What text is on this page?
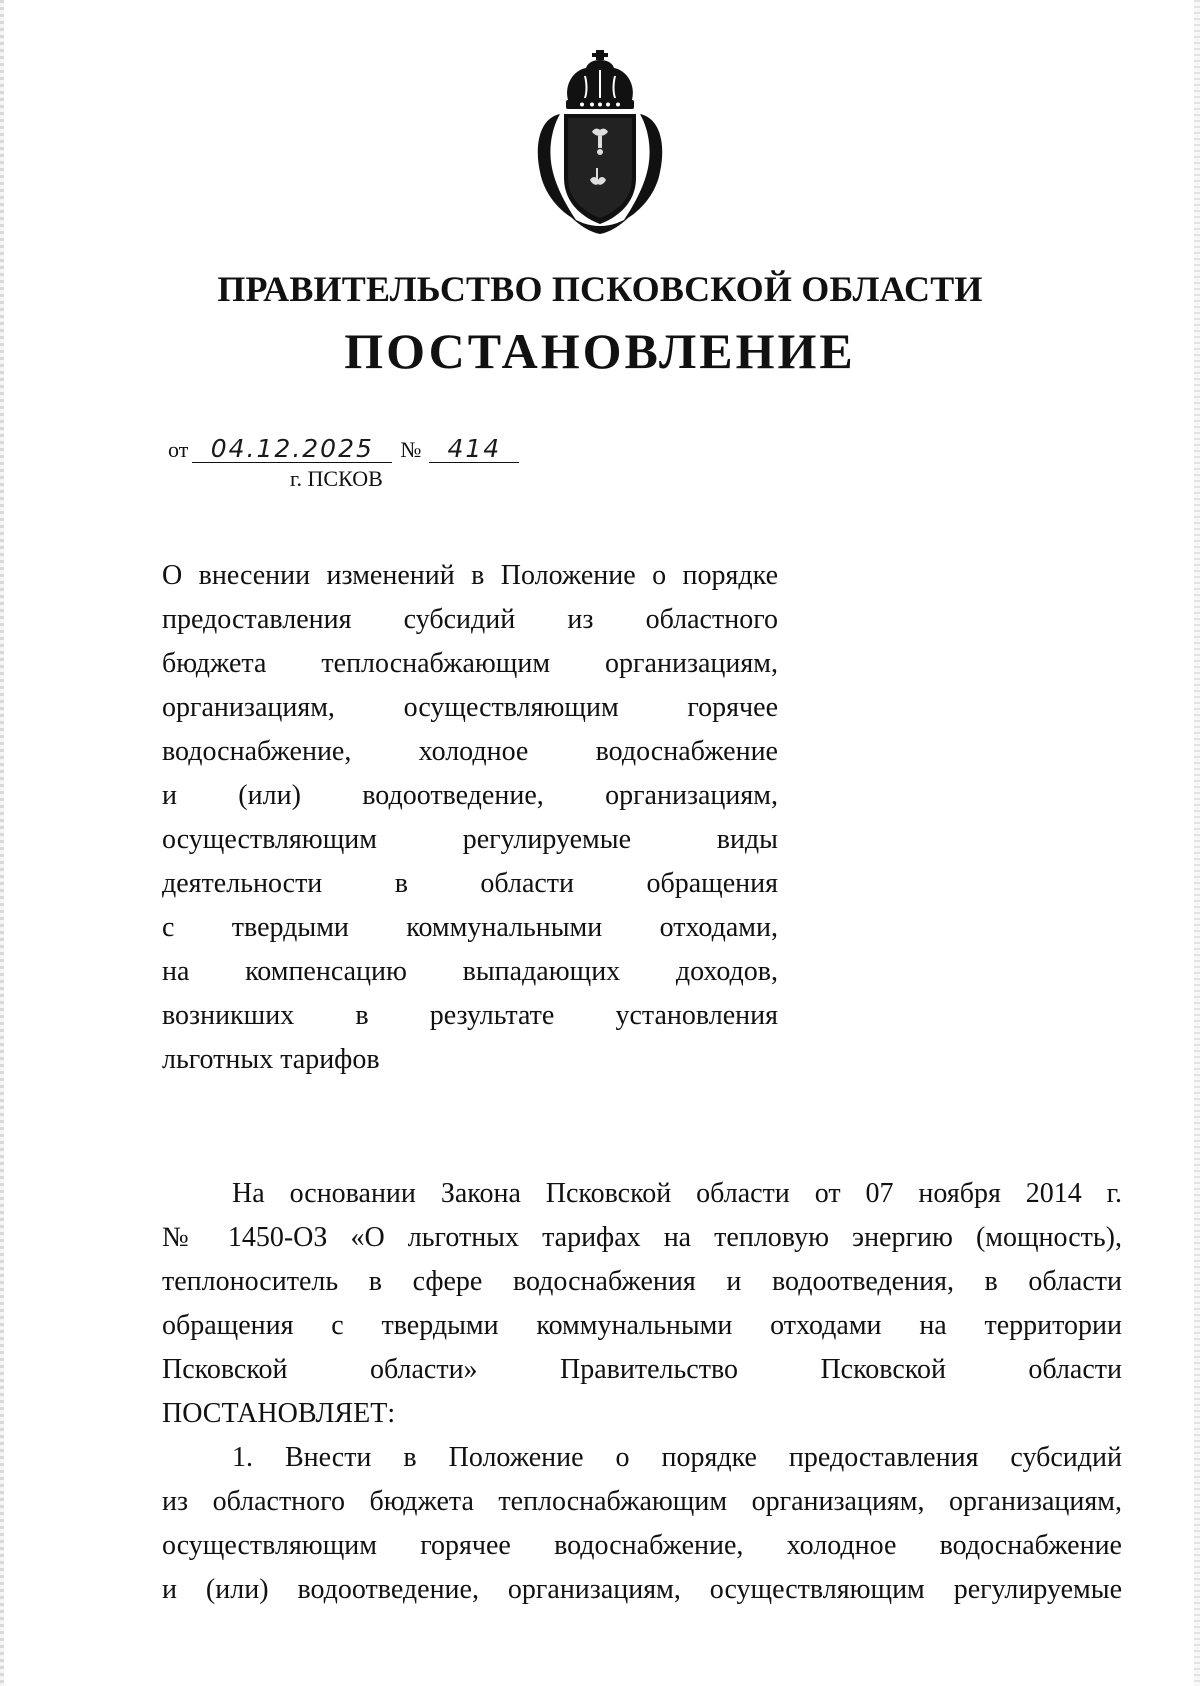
ПРАВИТЕЛЬСТВО ПСКОВСКОЙ ОБЛАСТИ
ПОСТАНОВЛЕНИЕ
от 04.12.2025 № 414
г. ПСКОВ
О внесении изменений в Положение о порядке
предоставления субсидий из областного
бюджета теплоснабжающим организациям,
организациям, осуществляющим горячее
водоснабжение, холодное водоснабжение
и (или) водоотведение, организациям,
осуществляющим регулируемые виды
деятельности в области обращения
с твердыми коммунальными отходами,
на компенсацию выпадающих доходов,
возникших в результате установления
льготных тарифов
На основании Закона Псковской области от 07 ноября 2014 г.
№ 1450-ОЗ «О льготных тарифах на тепловую энергию (мощность),
теплоноситель в сфере водоснабжения и водоотведения, в области
обращения с твердыми коммунальными отходами на территории
Псковской области» Правительство Псковской области
ПОСТАНОВЛЯЕТ:
1. Внести в Положение о порядке предоставления субсидий
из областного бюджета теплоснабжающим организациям, организациям,
осуществляющим горячее водоснабжение, холодное водоснабжение
и (или) водоотведение, организациям, осуществляющим регулируемые
